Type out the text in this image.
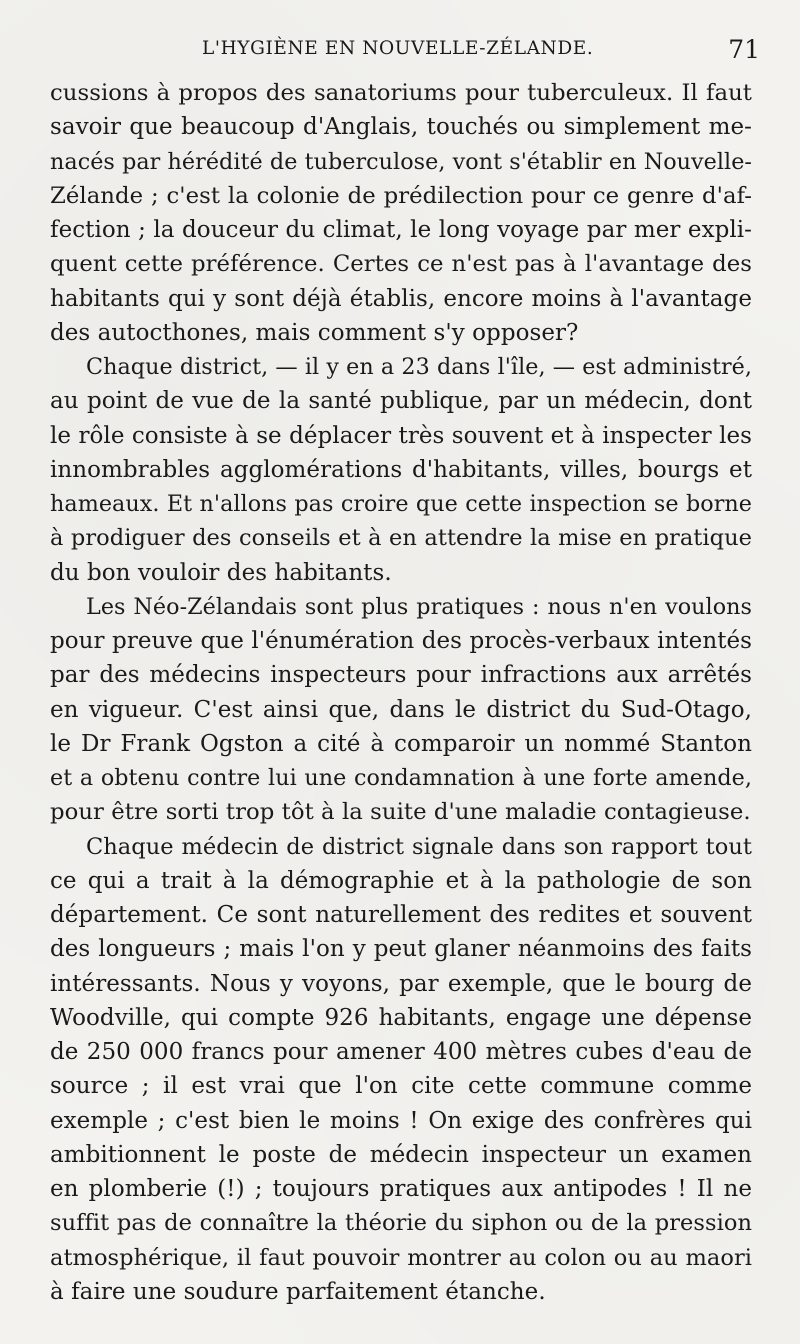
L'HYGIÈNE EN NOUVELLE-ZÉLANDE.	71
cussions à propos des sanatoriums pour tuberculeux. Il faut
savoir que beaucoup d'Anglais, touchés ou simplement me-
nacés par hérédité de tuberculose, vont s'établir en Nouvelle-
Zélande ; c'est la colonie de prédilection pour ce genre d'af-
fection ; la douceur du climat, le long voyage par mer expli-
quent cette préférence. Certes ce n'est pas à l'avantage des
habitants qui y sont déjà établis, encore moins à l'avantage
des autocthones, mais comment s'y opposer?
Chaque district, — il y en a 23 dans l'île, — est administré,
au point de vue de la santé publique, par un médecin, dont
le rôle consiste à se déplacer très souvent et à inspecter les
innombrables agglomérations d'habitants, villes, bourgs et
hameaux. Et n'allons pas croire que cette inspection se borne
à prodiguer des conseils et à en attendre la mise en pratique
du bon vouloir des habitants.
Les Néo-Zélandais sont plus pratiques : nous n'en voulons
pour preuve que l'énumération des procès-verbaux intentés
par des médecins inspecteurs pour infractions aux arrêtés
en vigueur. C'est ainsi que, dans le district du Sud-Otago,
le Dr Frank Ogston a cité à comparoir un nommé Stanton
et a obtenu contre lui une condamnation à une forte amende,
pour être sorti trop tôt à la suite d'une maladie contagieuse.
Chaque médecin de district signale dans son rapport tout
ce qui a trait à la démographie et à la pathologie de son
département. Ce sont naturellement des redites et souvent
des longueurs ; mais l'on y peut glaner néanmoins des faits
intéressants. Nous y voyons, par exemple, que le bourg de
Woodville, qui compte 926 habitants, engage une dépense
de 250 000 francs pour amener 400 mètres cubes d'eau de
source ; il est vrai que l'on cite cette commune comme
exemple ; c'est bien le moins ! On exige des confrères qui
ambitionnent le poste de médecin inspecteur un examen
en plomberie (!) ; toujours pratiques aux antipodes ! Il ne
suffit pas de connaître la théorie du siphon ou de la pression
atmosphérique, il faut pouvoir montrer au colon ou au maori
à faire une soudure parfaitement étanche.
